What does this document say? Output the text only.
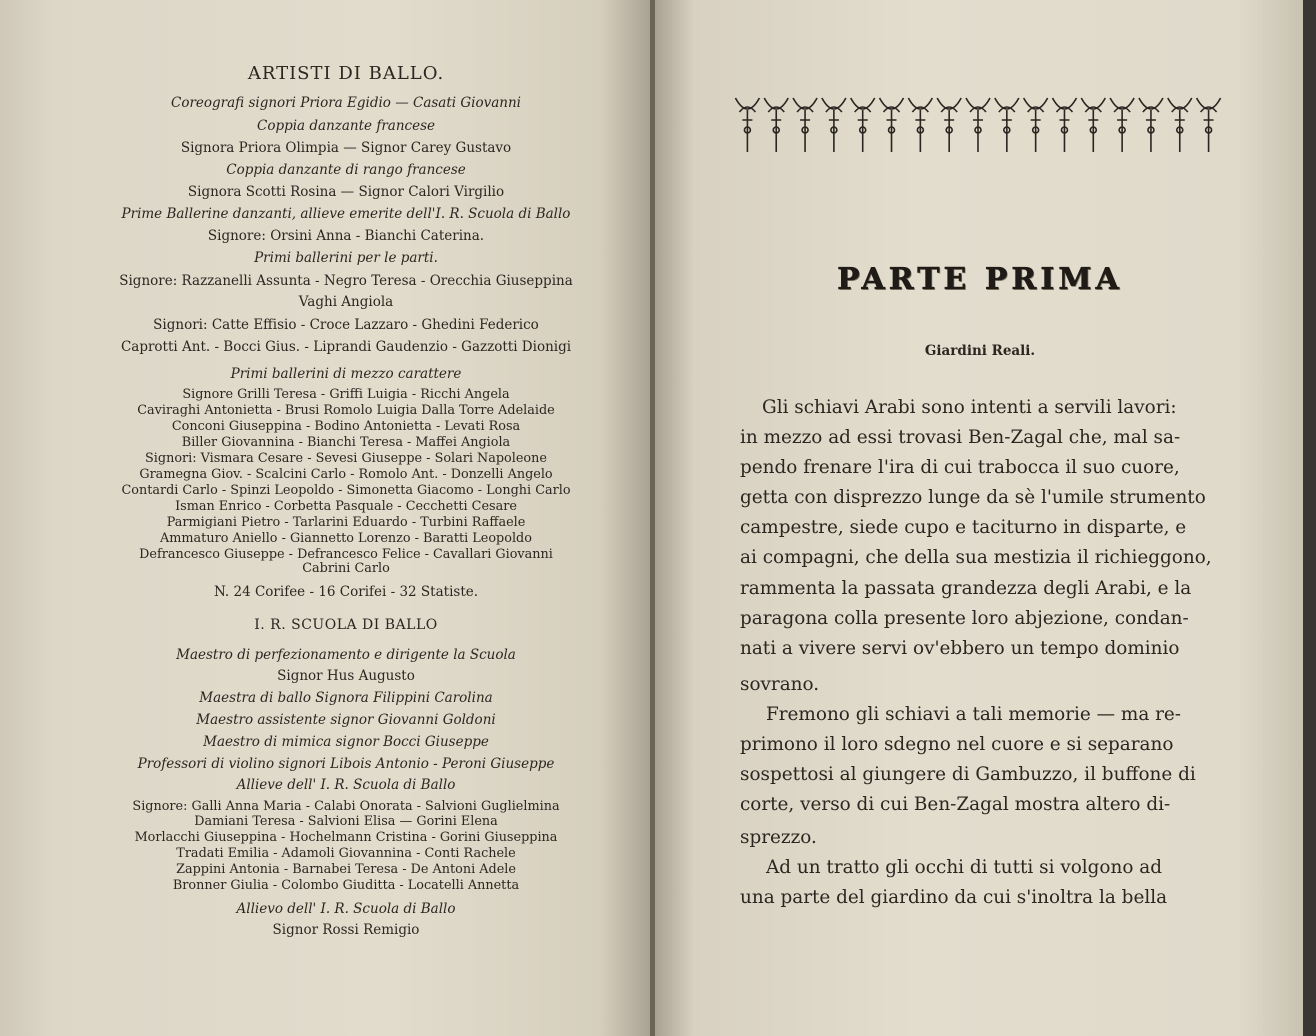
ARTISTI DI BALLO.
Coreografi signori Priora Egidio — Casati Giovanni
Coppia danzante francese
Signora Priora Olimpia — Signor Carey Gustavo
Coppia danzante di rango francese
Signora Scotti Rosina — Signor Calori Virgilio
Prime Ballerine danzanti, allieve emerite dell'I. R. Scuola di Ballo
Signore: Orsini Anna - Bianchi Caterina.
Primi ballerini per le parti.
Signore: Razzanelli Assunta - Negro Teresa - Orecchia Giuseppina
Vaghi Angiola
Signori: Catte Effisio - Croce Lazzaro - Ghedini Federico
Caprotti Ant. - Bocci Gius. - Liprandi Gaudenzio - Gazzotti Dionigi
Primi ballerini di mezzo carattere
Signore Grilli Teresa - Griffi Luigia - Ricchi Angela
Caviraghi Antonietta - Brusi Romolo Luigia Dalla Torre Adelaide
Conconi Giuseppina - Bodino Antonietta - Levati Rosa
Biller Giovannina - Bianchi Teresa - Maffei Angiola
Signori: Vismara Cesare - Sevesi Giuseppe - Solari Napoleone
Gramegna Giov. - Scalcini Carlo - Romolo Ant. - Donzelli Angelo
Contardi Carlo - Spinzi Leopoldo - Simonetta Giacomo - Longhi Carlo
Isman Enrico - Corbetta Pasquale - Cecchetti Cesare
Parmigiani Pietro - Tarlarini Eduardo - Turbini Raffaele
Ammaturo Aniello - Giannetto Lorenzo - Baratti Leopoldo
Defrancesco Giuseppe - Defrancesco Felice - Cavallari Giovanni
Cabrini Carlo
N. 24 Corifee - 16 Corifei - 32 Statiste.
I. R. SCUOLA DI BALLO
Maestro di perfezionamento e dirigente la Scuola
Signor Hus Augusto
Maestra di ballo Signora Filippini Carolina
Maestro assistente signor Giovanni Goldoni
Maestro di mimica signor Bocci Giuseppe
Professori di violino signori Libois Antonio - Peroni Giuseppe
Allieve dell' I. R. Scuola di Ballo
Signore: Galli Anna Maria - Calabi Onorata - Salvioni Guglielmina
Damiani Teresa - Salvioni Elisa — Gorini Elena
Morlacchi Giuseppina - Hochelmann Cristina - Gorini Giuseppina
Tradati Emilia - Adamoli Giovannina - Conti Rachele
Zappini Antonia - Barnabei Teresa - De Antoni Adele
Bronner Giulia - Colombo Giuditta - Locatelli Annetta
Allievo dell' I. R. Scuola di Ballo
Signor Rossi Remigio
PARTE PRIMA
Giardini Reali.
Gli schiavi Arabi sono intenti a servili lavori:
in mezzo ad essi trovasi Ben-Zagal che, mal sa-
pendo frenare l'ira di cui trabocca il suo cuore,
getta con disprezzo lunge da sè l'umile strumento
campestre, siede cupo e taciturno in disparte, e
ai compagni, che della sua mestizia il richieggono,
rammenta la passata grandezza degli Arabi, e la
paragona colla presente loro abjezione, condan-
nati a vivere servi ov'ebbero un tempo dominio
sovrano.
Fremono gli schiavi a tali memorie — ma re-
primono il loro sdegno nel cuore e si separano
sospettosi al giungere di Gambuzzo, il buffone di
corte, verso di cui Ben-Zagal mostra altero di-
sprezzo.
Ad un tratto gli occhi di tutti si volgono ad
una parte del giardino da cui s'inoltra la bella
